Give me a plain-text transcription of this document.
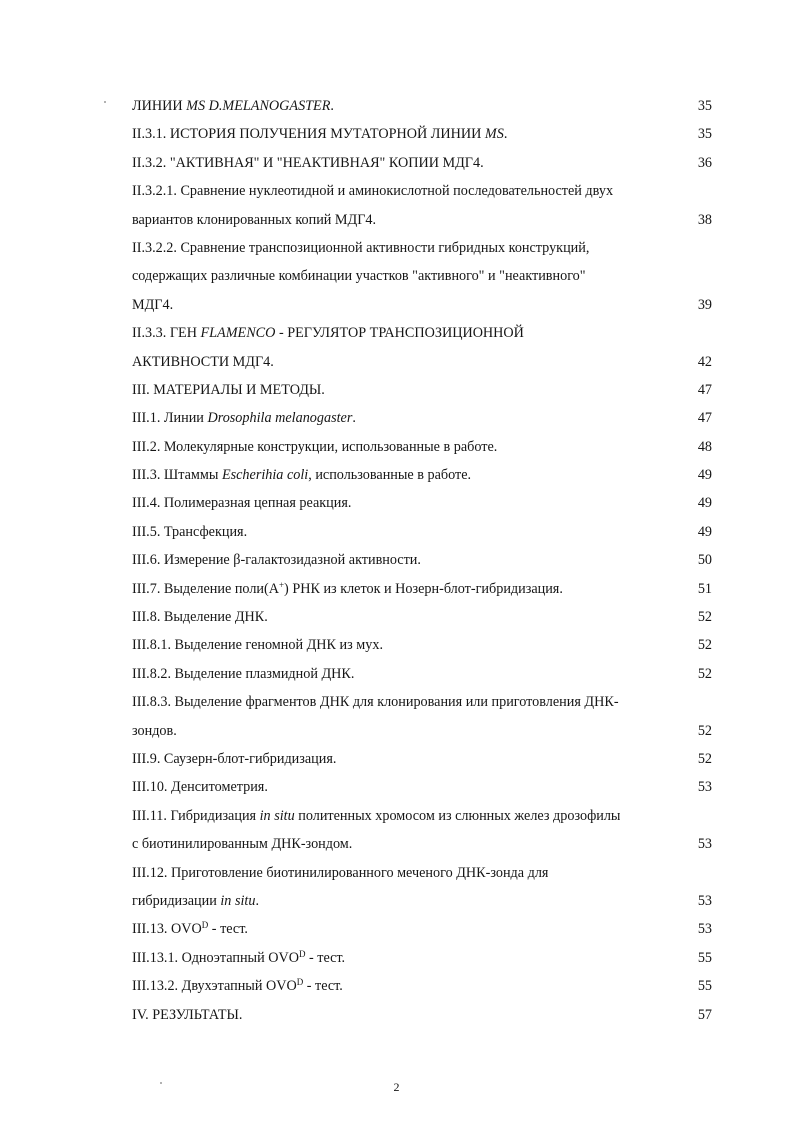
ЛИНИИ MS D.MELANOGASTER.	35
II.3.1. ИСТОРИЯ ПОЛУЧЕНИЯ МУТАТОРНОЙ ЛИНИИ MS.	35
II.3.2. "АКТИВНАЯ" И "НЕАКТИВНАЯ" КОПИИ МДГ4.	36
II.3.2.1. Сравнение нуклеотидной и аминокислотной последовательностей двух
вариантов клонированных копий МДГ4.	38
II.3.2.2. Сравнение транспозиционной активности гибридных конструкций,
содержащих различные комбинации участков "активного" и "неактивного"
МДГ4.	39
II.3.3. ГЕН FLAMENCO - РЕГУЛЯТОР ТРАНСПОЗИЦИОННОЙ
АКТИВНОСТИ МДГ4.	42
III. МАТЕРИАЛЫ И МЕТОДЫ.	47
III.1. Линии Drosophila melanogaster.	47
III.2. Молекулярные конструкции, использованные в работе.	48
III.3. Штаммы Escherihia coli, использованные в работе.	49
III.4. Полимеразная цепная реакция.	49
III.5. Трансфекция.	49
III.6. Измерение β-галактозидазной активности.	50
III.7. Выделение поли(А+) РНК из клеток и Нозерн-блот-гибридизация.	51
III.8. Выделение ДНК.	52
III.8.1. Выделение геномной ДНК из мух.	52
III.8.2. Выделение плазмидной ДНК.	52
III.8.3. Выделение фрагментов ДНК для клонирования или приготовления ДНК-
зондов.	52
III.9. Саузерн-блот-гибридизация.	52
III.10. Денситометрия.	53
III.11. Гибридизация in situ политенных хромосом из слюнных желез дрозофилы
с биотинилированным ДНК-зондом.	53
III.12. Приготовление биотинилированного меченого ДНК-зонда для
гибридизации in situ.	53
III.13. $OVO^D$ - тест.	53
III.13.1. Одноэтапный $OVO^D$ - тест.	55
III.13.2. Двухэтапный $OVO^D$ - тест.	55
IV. РЕЗУЛЬТАТЫ.	57
2
